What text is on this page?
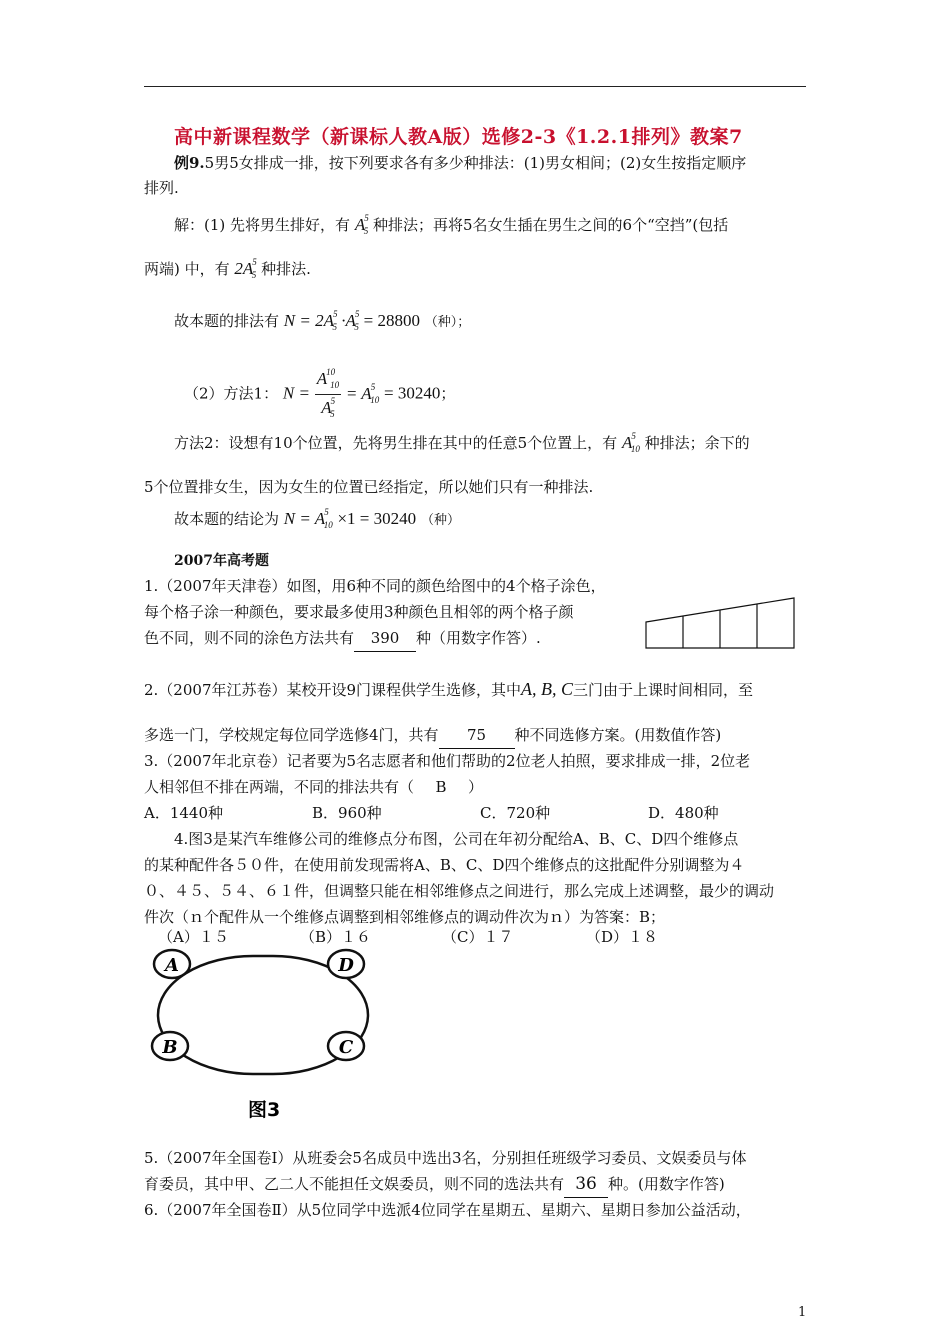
高中新课程数学（新课标人教A版）选修2-3《1.2.1排列》教案7
例9.5男5女排成一排，按下列要求各有多少种排法：(1)男女相间；(2)女生按指定顺序
排列.
解：(1) 先将男生排好，有 $A^5_5$ 种排法；再将5名女生插在男生之间的6个“空挡”(包括
两端) 中，有 $2A^5_5$ 种排法.
故本题的排法有 $N = 2A^5_5 \cdot A^5_5 = 28800$ （种）；
（2）方法1： $N = \frac{A^{10}_{10}}{A^5_5} = A^5_{10} = 30240$；
方法2：设想有10个位置，先将男生排在其中的任意5个位置上，有 $A^5_{10}$ 种排法；余下的
5个位置排女生，因为女生的位置已经指定，所以她们只有一种排法.
故本题的结论为 $N = A^5_{10} \times 1 = 30240$ （种）
2007年高考题
1.（2007年天津卷）如图，用6种不同的颜色给图中的4个格子涂色，
每个格子涂一种颜色，要求最多使用3种颜色且相邻的两个格子颜
色不同，则不同的涂色方法共有 390 种（用数字作答）.
2.（2007年江苏卷）某校开设9门课程供学生选修，其中A, B, C三门由于上课时间相同，至
多选一门，学校规定每位同学选修4门，共有 75 种不同选修方案。(用数值作答)
3.（2007年北京卷）记者要为5名志愿者和他们帮助的2位老人拍照，要求排成一排，2位老
人相邻但不排在两端，不同的排法共有（ B ）
A．1440种	B．960种	C．720种	D．480种
4.图3是某汽车维修公司的维修点分布图，公司在年初分配给A、B、C、D四个维修点
的某种配件各５０件，在使用前发现需将A、B、C、D四个维修点的这批配件分别调整为４
０、４５、５４、６１件，但调整只能在相邻维修点之间进行，那么完成上述调整，最少的调动
件次（ｎ个配件从一个维修点调整到相邻维修点的调动件次为ｎ）为答案：B；
（A）１５	（B）１６	（C）１７	（D）１８
A	D
B	C
图3
5.（2007年全国卷Ⅰ）从班委会5名成员中选出3名，分别担任班级学习委员、文娱委员与体
育委员，其中甲、乙二人不能担任文娱委员，则不同的选法共有 36 种。(用数字作答)
6.（2007年全国卷Ⅱ）从5位同学中选派4位同学在星期五、星期六、星期日参加公益活动，
1
